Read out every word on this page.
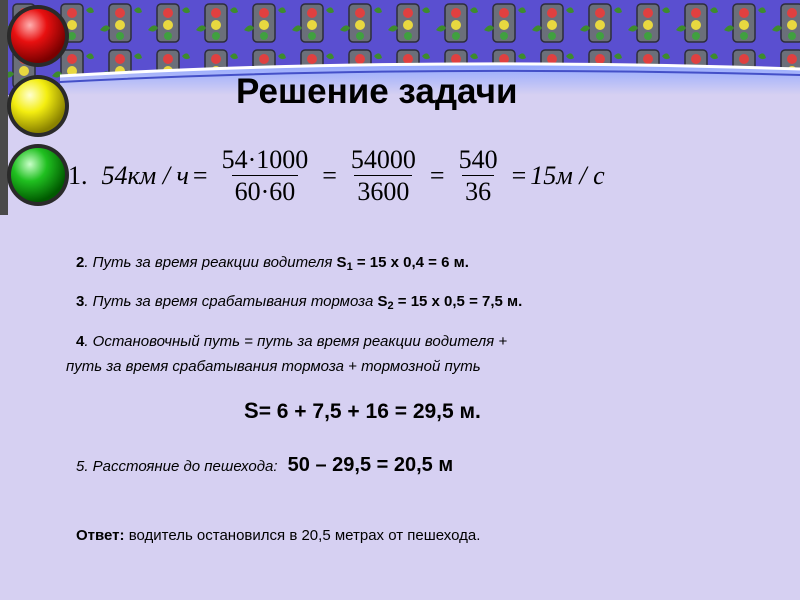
Решение задачи
1. $54км / ч = \frac{54\cdot 1000}{60\cdot 60} = \frac{54000}{3600} = \frac{540}{36} = 15м / с$
2. Путь за время реакции водителя $S_1 = 15$ х 0,4 = 6 м.
3. Путь за время срабатывания тормоза $S_2 = 15$ х 0,5 = 7,5 м.
4. Остановочный путь = путь за время реакции водителя +
путь за время срабатывания тормоза + тормозной путь
S= 6 + 7,5 + 16 = 29,5 м.
5. Расстояние до пешехода: 50 – 29,5 = 20,5 м
Ответ: водитель остановился в 20,5 метрах от пешехода.
